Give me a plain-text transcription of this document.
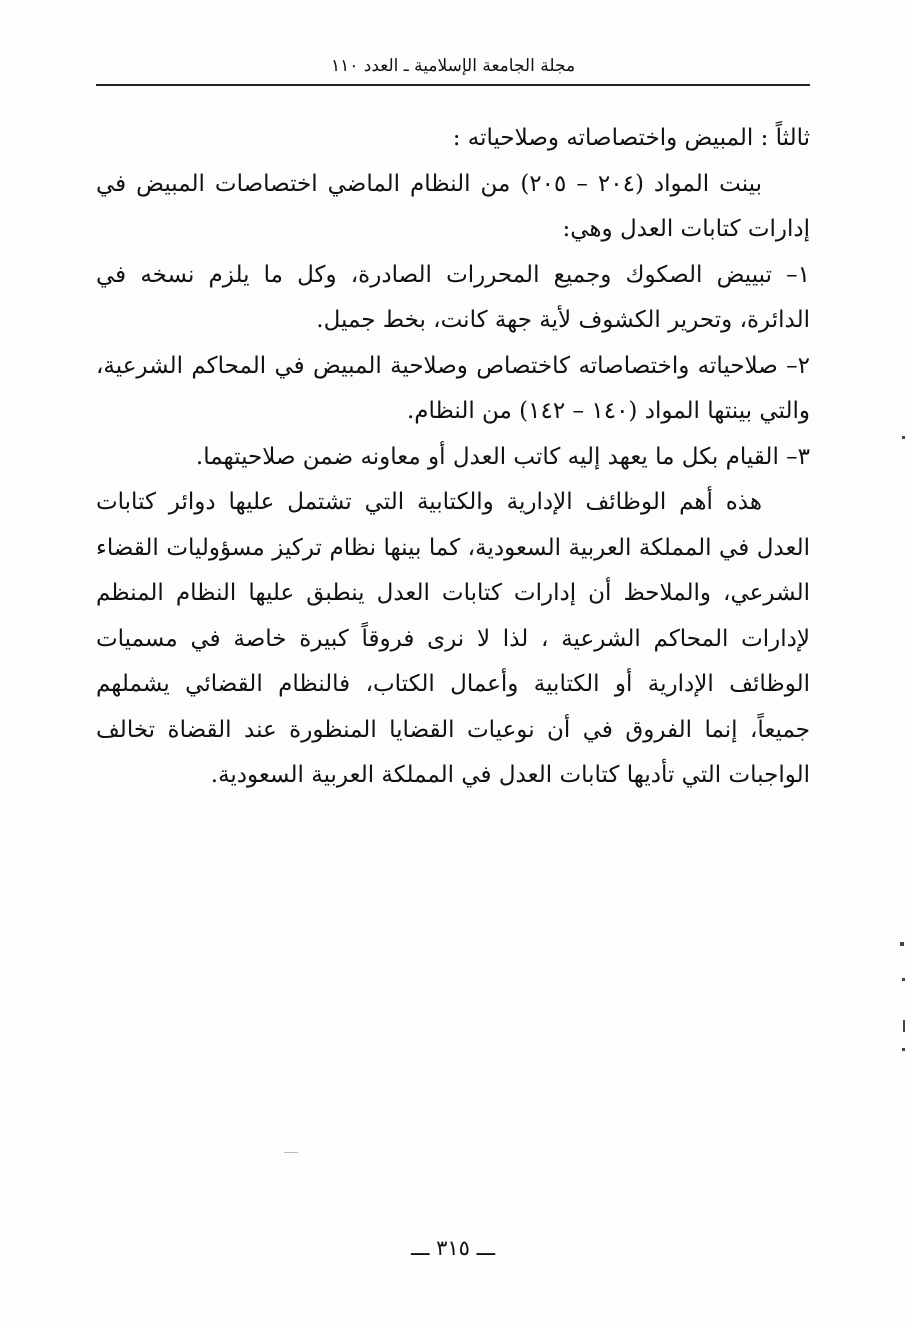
مجلة الجامعة الإسلامية ـ العدد ١١٠

ثالثاً : المبيض واختصاصاته وصلاحياته :

بينت المواد (٢٠٤ – ٢٠٥) من النظام الماضي اختصاصات المبيض في إدارات كتابات العدل وهي:

١– تبييض الصكوك وجميع المحررات الصادرة، وكل ما يلزم نسخه في الدائرة، وتحرير الكشوف لأية جهة كانت، بخط جميل.

٢– صلاحياته واختصاصاته كاختصاص وصلاحية المبيض في المحاكم الشرعية، والتي بينتها المواد (١٤٠ – ١٤٢) من النظام.

٣– القيام بكل ما يعهد إليه كاتب العدل أو معاونه ضمن صلاحيتهما.

هذه أهم الوظائف الإدارية والكتابية التي تشتمل عليها دوائر كتابات العدل في المملكة العربية السعودية، كما بينها نظام تركيز مسؤوليات القضاء الشرعي، والملاحظ أن إدارات كتابات العدل ينطبق عليها النظام المنظم لإدارات المحاكم الشرعية ، لذا لا نرى فروقاً كبيرة خاصة في مسميات الوظائف الإدارية أو الكتابية وأعمال الكتاب، فالنظام القضائي يشملهم جميعاً، إنما الفروق في أن نوعيات القضايا المنظورة عند القضاة تخالف الواجبات التي تأديها كتابات العدل في المملكة العربية السعودية.

ـــ ٣١٥ ـــ
